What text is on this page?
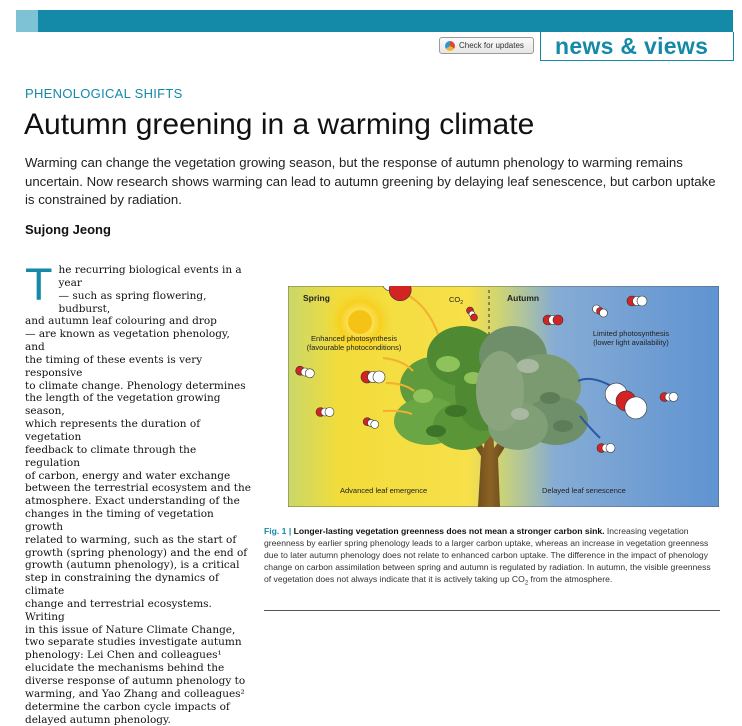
Check for updates news & views
PHENOLOGICAL SHIFTS
Autumn greening in a warming climate
Warming can change the vegetation growing season, but the response of autumn phenology to warming remains uncertain. Now research shows warming can lead to autumn greening by delaying leaf senescence, but carbon uptake is constrained by radiation.
Sujong Jeong
The recurring biological events in a year
— such as spring flowering, budburst,
and autumn leaf colouring and drop
— are known as vegetation phenology, and
the timing of these events is very responsive
to climate change. Phenology determines
the length of the vegetation growing season,
which represents the duration of vegetation
feedback to climate through the regulation
of carbon, energy and water exchange
between the terrestrial ecosystem and the
atmosphere. Exact understanding of the
changes in the timing of vegetation growth
related to warming, such as the start of
growth (spring phenology) and the end of
growth (autumn phenology), is a critical
step in constraining the dynamics of climate
change and terrestrial ecosystems. Writing
in this issue of Nature Climate Change,
two separate studies investigate autumn
phenology: Lei Chen and colleagues¹
elucidate the mechanisms behind the
diverse response of autumn phenology to
warming, and Yao Zhang and colleagues²
determine the carbon cycle impacts of
delayed autumn phenology.
Spring	Autumn
$CO_2$
Enhanced photosynthesis
(favourable photoconditions)
Limited photosynthesis
(lower light availability)
Advanced leaf emergence	Delayed leaf senescence
Fig. 1 | Longer-lasting vegetation greenness does not mean a stronger carbon sink. Increasing vegetation greenness by earlier spring phenology leads to a larger carbon uptake, whereas an increase in vegetation greenness due to later autumn phenology does not relate to enhanced carbon uptake. The difference in the impact of phenology change on carbon assimilation between spring and autumn is regulated by radiation. In autumn, the visible greenness of vegetation does not always indicate that it is actively taking up $CO_2$ from the atmosphere.
